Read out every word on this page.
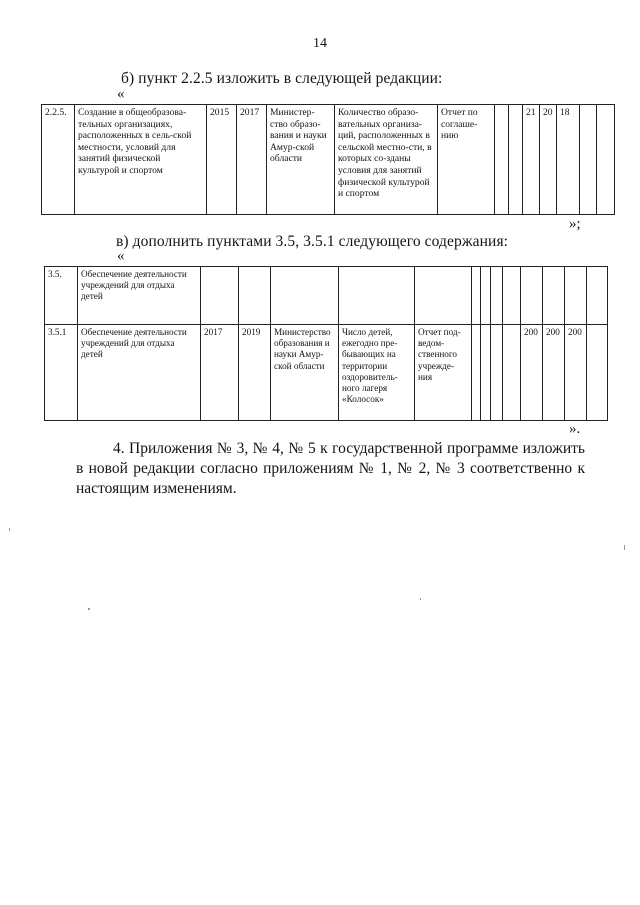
14
б) пункт 2.2.5 изложить в следующей редакции:
«
2.2.5.	Создание в общеобразова-тельных организациях, расположенных в сель-ской местности, условий для занятий физической культурой и спортом	2015	2017	Министер-ство образо-вания и науки Амур-ской области	Количество образо-вательных организа-ций, расположенных в сельской местно-сти, в которых со-зданы условия для занятий физической культурой и спортом	Отчет по соглаше-нию			21	20	18		
»;
в) дополнить пунктами 3.5, 3.5.1 следующего содержания:
«
3.5.	Обеспечение деятельности учреждений для отдыха детей													
3.5.1	Обеспечение деятельности учреждений для отдыха детей	2017	2019	Министерство образования и науки Амур-ской области	Число детей, ежегодно пре-бывающих на территории оздоровитель-ного лагеря «Колосок»	Отчет под-ведом-ственного учрежде-ния					200	200	200	
».
4. Приложения № 3, № 4, № 5 к государственной программе изложить в новой редакции согласно приложениям № 1, № 2, № 3 соответственно к настоящим изменениям.
